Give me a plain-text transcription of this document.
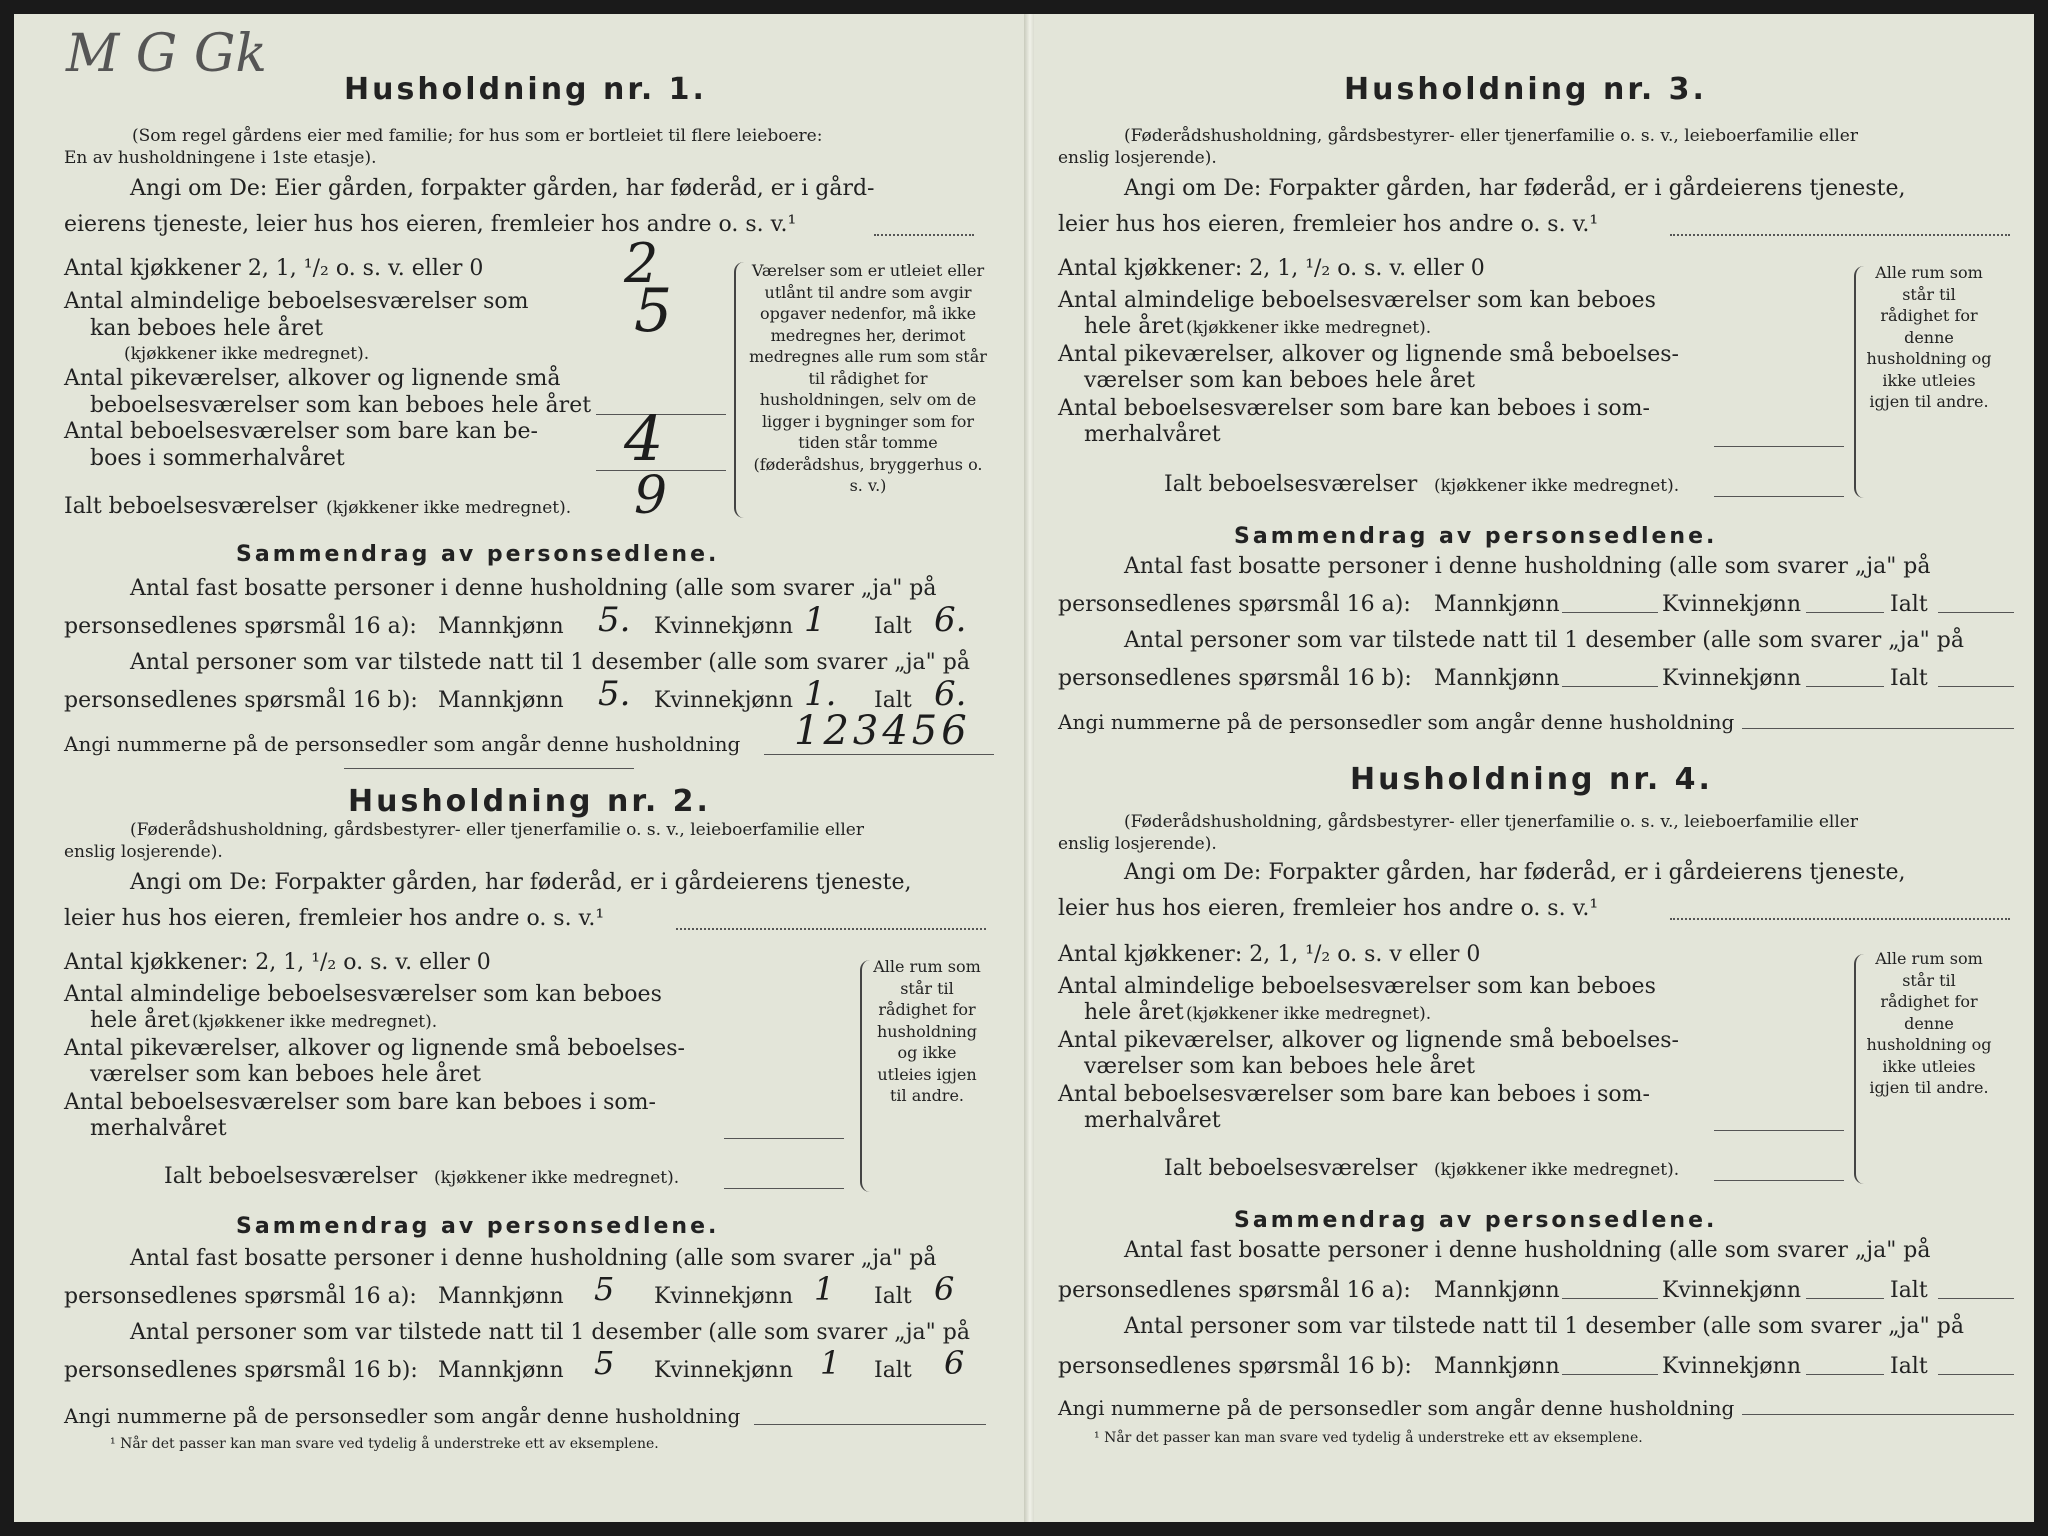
M G Gk
Husholdning nr. 1.
(Som regel gårdens eier med familie; for hus som er bortleiet til flere leieboere:
En av husholdningene i 1ste etasje).
Angi om De: Eier gården, forpakter gården, har føderåd, er i gård-
eierens tjeneste, leier hus hos eieren, fremleier hos andre o. s. v.¹
Antal kjøkkener 2, 1, ¹/₂ o. s. v. eller 0	2
Antal almindelige beboelsesværelser som
kan beboes hele året
(kjøkkener ikke medregnet).
5
Antal pikeværelser, alkover og lignende små
beboelsesværelser som kan beboes hele året
Antal beboelsesværelser som bare kan be-
boes i sommerhalvåret	4
Ialt beboelsesværelser (kjøkkener ikke medregnet). 9
Værelser som er utleiet eller utlånt til andre som avgir opgaver nedenfor, må ikke medregnes her, derimot medregnes alle rum som står til rådighet for husholdningen, selv om de ligger i bygninger som for tiden står tomme (føderådshus, bryggerhus o. s. v.)
Sammendrag av personsedlene.
Antal fast bosatte personer i denne husholdning (alle som svarer „ja" på
personsedlenes spørsmål 16 a): Mannkjønn 5. Kvinnekjønn 1 Ialt 6.
Antal personer som var tilstede natt til 1 desember (alle som svarer „ja" på
personsedlenes spørsmål 16 b): Mannkjønn 5. Kvinnekjønn 1. Ialt 6.
Angi nummerne på de personsedler som angår denne husholdning 123456
Husholdning nr. 2.
(Føderådshusholdning, gårdsbestyrer- eller tjenerfamilie o. s. v., leieboerfamilie eller
enslig losjerende).
Angi om De: Forpakter gården, har føderåd, er i gårdeierens tjeneste,
leier hus hos eieren, fremleier hos andre o. s. v.¹
Antal kjøkkener: 2, 1, ¹/₂ o. s. v. eller 0
Antal almindelige beboelsesværelser som kan beboes
hele året (kjøkkener ikke medregnet).
Antal pikeværelser, alkover og lignende små beboelses-
værelser som kan beboes hele året
Antal beboelsesværelser som bare kan beboes i som-
merhalvåret
Ialt beboelsesværelser (kjøkkener ikke medregnet).
Alle rum som står til rådighet for husholdning og ikke utleies igjen til andre.
Sammendrag av personsedlene.
Antal fast bosatte personer i denne husholdning (alle som svarer „ja" på
personsedlenes spørsmål 16 a): Mannkjønn 5 Kvinnekjønn 1 Ialt 6
Antal personer som var tilstede natt til 1 desember (alle som svarer „ja" på
personsedlenes spørsmål 16 b): Mannkjønn 5 Kvinnekjønn 1 Ialt 6
Angi nummerne på de personsedler som angår denne husholdning
¹ Når det passer kan man svare ved tydelig å understreke ett av eksemplene.
Husholdning nr. 3.
(Føderådshusholdning, gårdsbestyrer- eller tjenerfamilie o. s. v., leieboerfamilie eller
enslig losjerende).
Angi om De: Forpakter gården, har føderåd, er i gårdeierens tjeneste,
leier hus hos eieren, fremleier hos andre o. s. v.¹
Antal kjøkkener: 2, 1, ¹/₂ o. s. v. eller 0
Antal almindelige beboelsesværelser som kan beboes
hele året (kjøkkener ikke medregnet).
Antal pikeværelser, alkover og lignende små beboelses-
værelser som kan beboes hele året
Antal beboelsesværelser som bare kan beboes i som-
merhalvåret
Ialt beboelsesværelser (kjøkkener ikke medregnet).
Alle rum som står til rådighet for denne husholdning og ikke utleies igjen til andre.
Sammendrag av personsedlene.
Antal fast bosatte personer i denne husholdning (alle som svarer „ja" på
personsedlenes spørsmål 16 a): Mannkjønn	Kvinnekjønn	Ialt
Antal personer som var tilstede natt til 1 desember (alle som svarer „ja" på
personsedlenes spørsmål 16 b): Mannkjønn	Kvinnekjønn	Ialt
Angi nummerne på de personsedler som angår denne husholdning
Husholdning nr. 4.
(Føderådshusholdning, gårdsbestyrer- eller tjenerfamilie o. s. v., leieboerfamilie eller
enslig losjerende).
Angi om De: Forpakter gården, har føderåd, er i gårdeierens tjeneste,
leier hus hos eieren, fremleier hos andre o. s. v.¹
Antal kjøkkener: 2, 1, ¹/₂ o. s. v eller 0
Antal almindelige beboelsesværelser som kan beboes
hele året (kjøkkener ikke medregnet).
Antal pikeværelser, alkover og lignende små beboelses-
værelser som kan beboes hele året
Antal beboelsesværelser som bare kan beboes i som-
merhalvåret
Ialt beboelsesværelser (kjøkkener ikke medregnet).
Alle rum som står til rådighet for denne husholdning og ikke utleies igjen til andre.
Sammendrag av personsedlene.
Antal fast bosatte personer i denne husholdning (alle som svarer „ja" på
personsedlenes spørsmål 16 a): Mannkjønn	Kvinnekjønn	Ialt
Antal personer som var tilstede natt til 1 desember (alle som svarer „ja" på
personsedlenes spørsmål 16 b): Mannkjønn	Kvinnekjønn	Ialt
Angi nummerne på de personsedler som angår denne husholdning
¹ Når det passer kan man svare ved tydelig å understreke ett av eksemplene.
